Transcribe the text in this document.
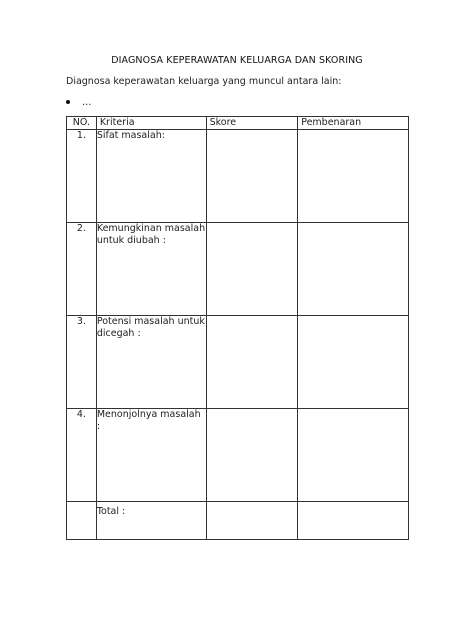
DIAGNOSA KEPERAWATAN KELUARGA DAN SKORING
Diagnosa keperawatan keluarga yang muncul antara lain:
…
NO.	Kriteria	Skore	Pembenaran
1.	Sifat masalah:		
2.	Kemungkinan masalah untuk diubah :		
3.	Potensi masalah untuk dicegah :		
4.	Menonjolnya masalah :		
	Total :		
